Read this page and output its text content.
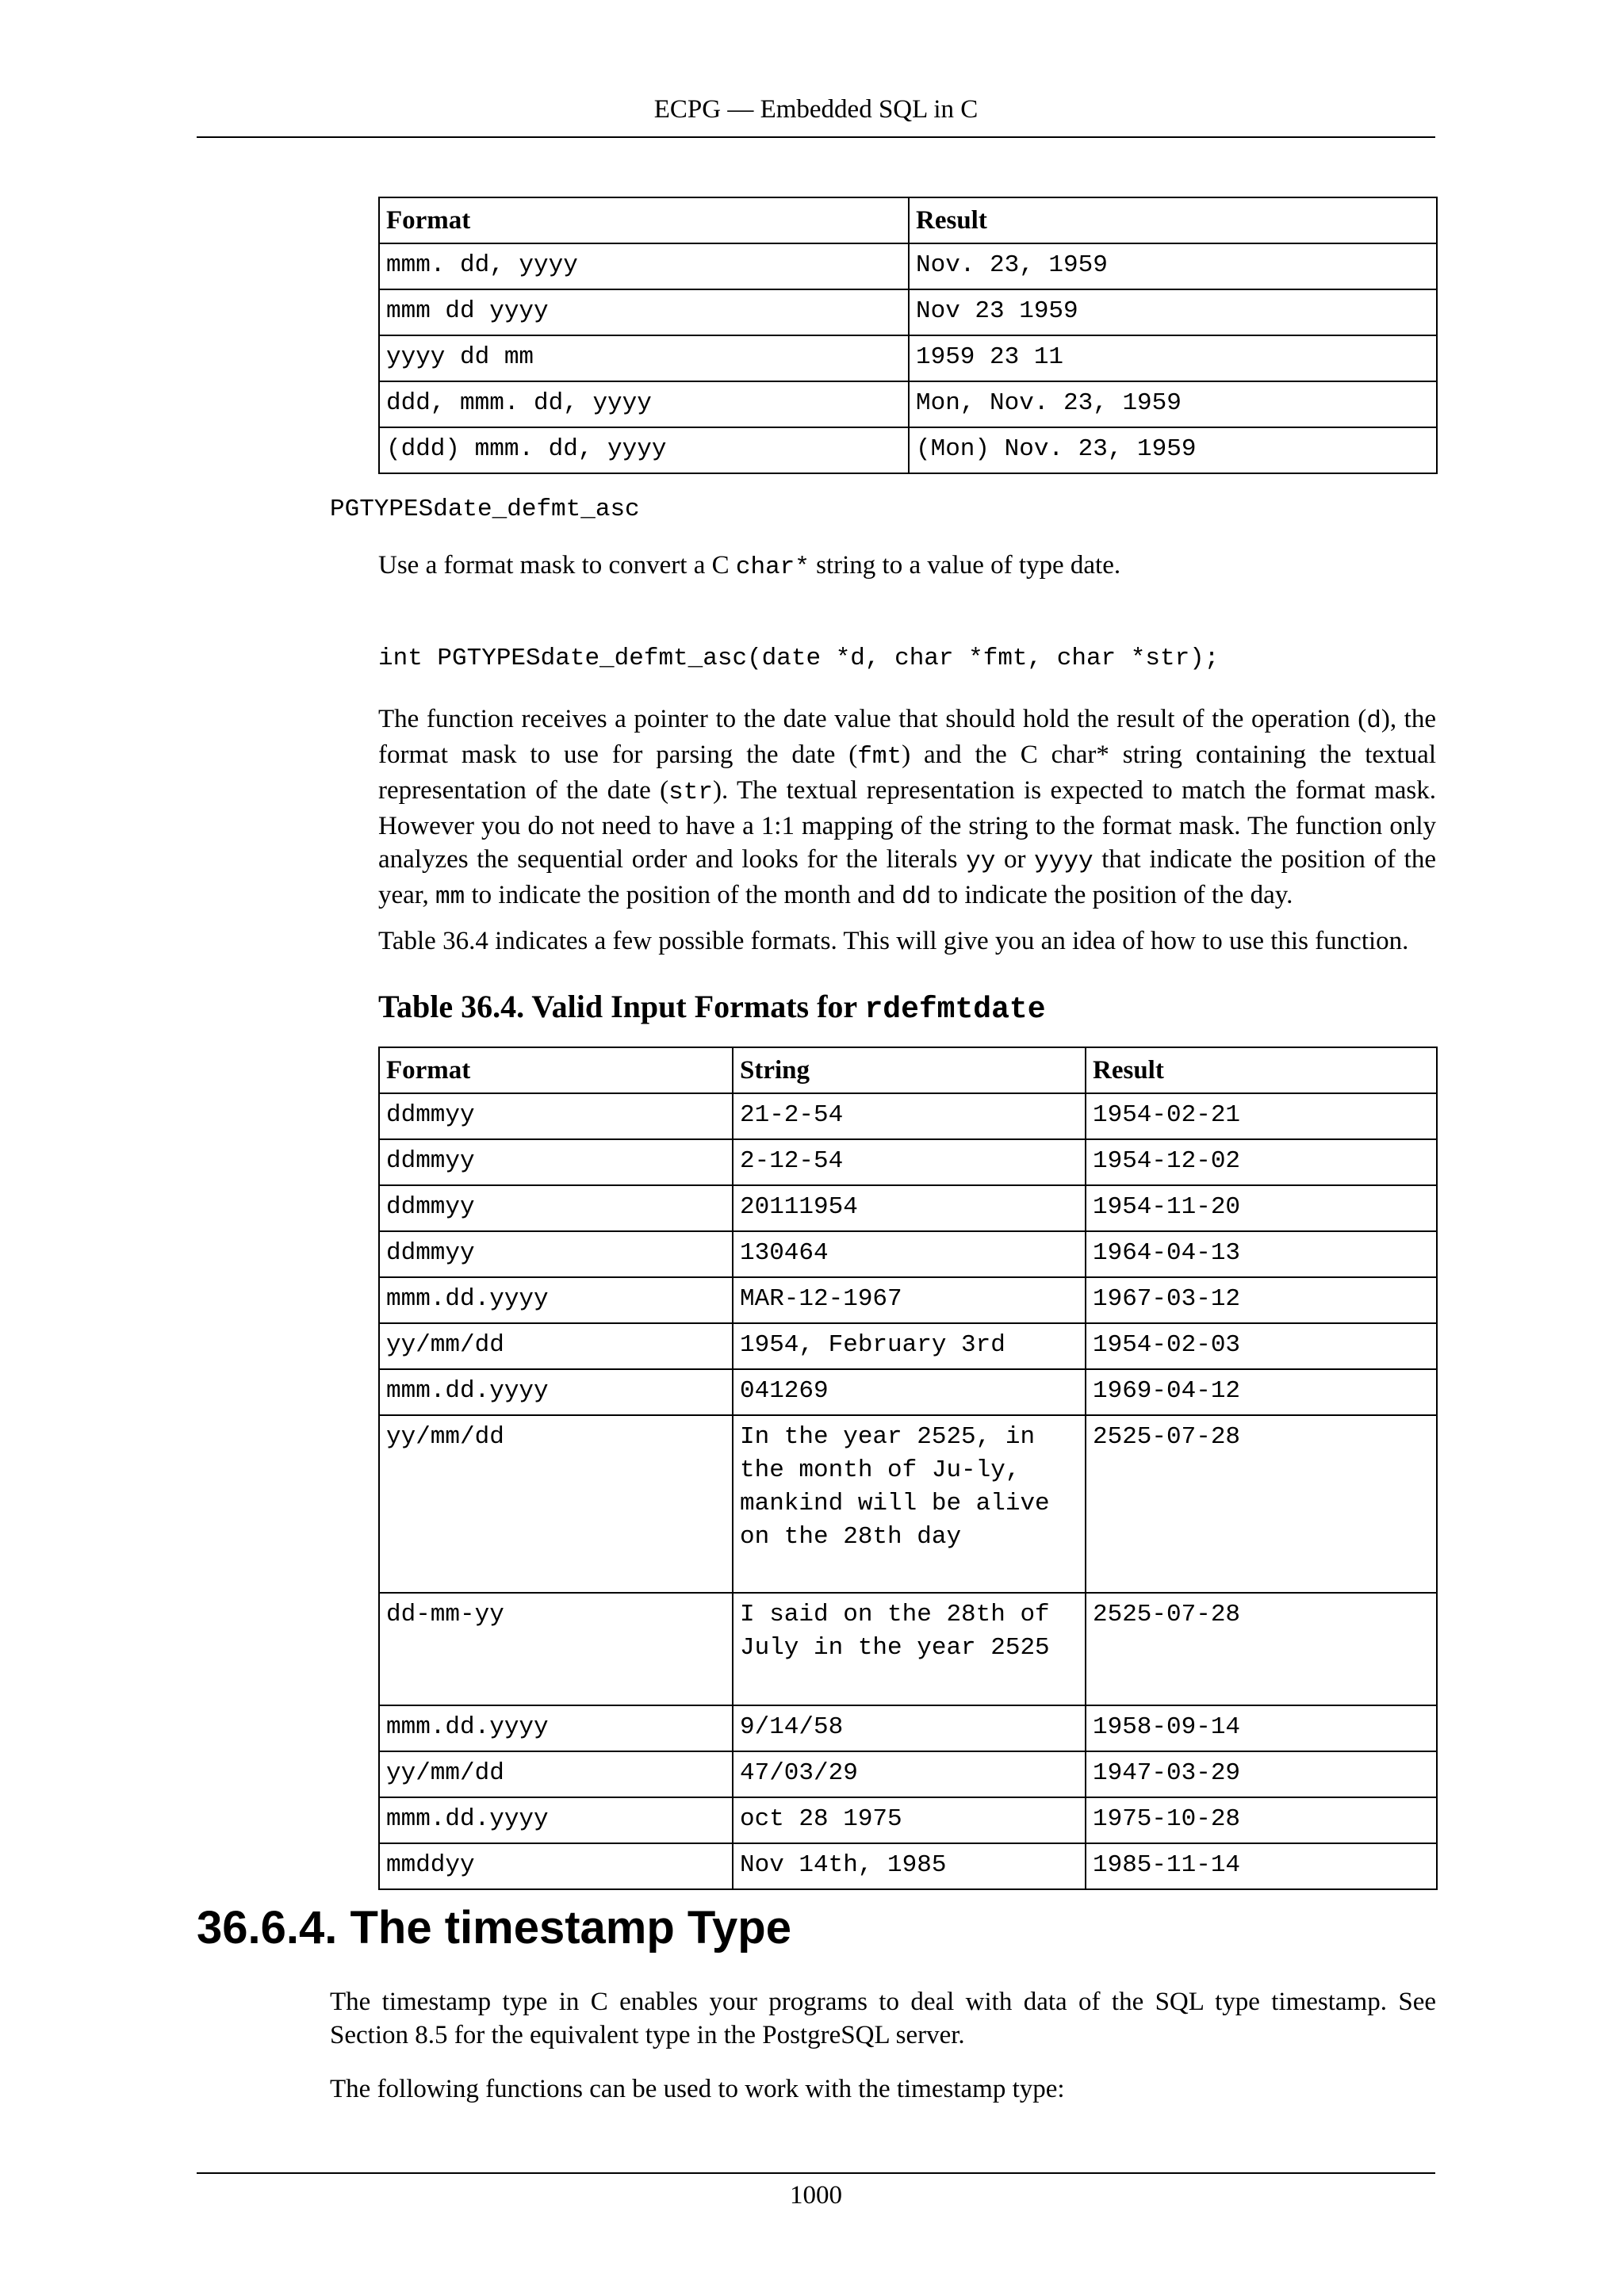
ECPG — Embedded SQL in C
Format	Result
mmm. dd, yyyy	Nov. 23, 1959
mmm dd yyyy	Nov 23 1959
yyyy dd mm	1959 23 11
ddd, mmm. dd, yyyy	Mon, Nov. 23, 1959
(ddd) mmm. dd, yyyy	(Mon) Nov. 23, 1959
PGTYPESdate_defmt_asc
Use a format mask to convert a C char* string to a value of type date.
int PGTYPESdate_defmt_asc(date *d, char *fmt, char *str);
The function receives a pointer to the date value that should hold the result of the operation (d), the format mask to use for parsing the date (fmt) and the C char* string containing the textual representation of the date (str). The textual representation is expected to match the format mask. However you do not need to have a 1:1 mapping of the string to the format mask. The function only analyzes the sequential order and looks for the literals yy or yyyy that indicate the position of the year, mm to indicate the position of the month and dd to indicate the position of the day.
Table 36.4 indicates a few possible formats. This will give you an idea of how to use this function.
Table 36.4. Valid Input Formats for rdefmtdate
Format	String	Result
ddmmyy	21-2-54	1954-02-21
ddmmyy	2-12-54	1954-12-02
ddmmyy	20111954	1954-11-20
ddmmyy	130464	1964-04-13
mmm.dd.yyyy	MAR-12-1967	1967-03-12
yy/mm/dd	1954, February 3rd	1954-02-03
mmm.dd.yyyy	041269	1969-04-12
yy/mm/dd	In the year 2525, in the month of Ju-ly, mankind will be alive on the 28th day	2525-07-28
dd-mm-yy	I said on the 28th of July in the year 2525	2525-07-28
mmm.dd.yyyy	9/14/58	1958-09-14
yy/mm/dd	47/03/29	1947-03-29
mmm.dd.yyyy	oct 28 1975	1975-10-28
mmddyy	Nov 14th, 1985	1985-11-14
36.6.4. The timestamp Type
The timestamp type in C enables your programs to deal with data of the SQL type timestamp. See Section 8.5 for the equivalent type in the PostgreSQL server.
The following functions can be used to work with the timestamp type:
1000
